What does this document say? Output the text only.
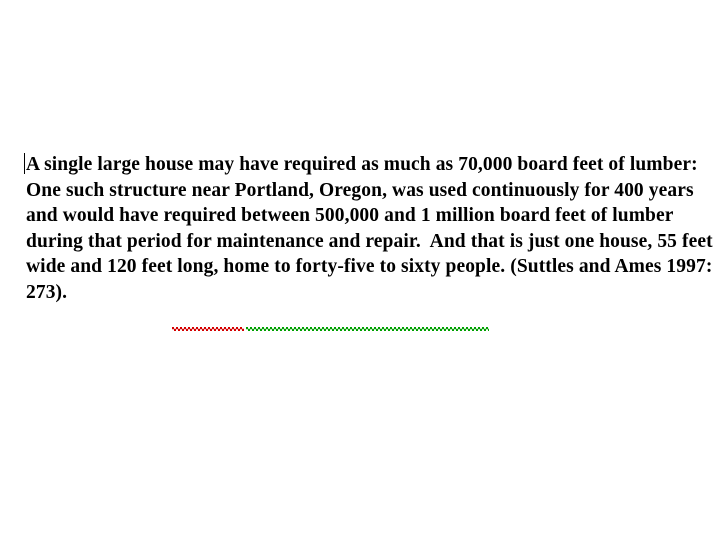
A single large house may have required as much as 70,000 board feet of lumber: One such structure near Portland, Oregon, was used continuously for 400 years and would have required between 500,000 and 1 million board feet of lumber during that period for maintenance and repair.  And that is just one house, 55 feet wide and 120 feet long, home to forty-five to sixty people. (Suttles and Ames 1997: 273).
